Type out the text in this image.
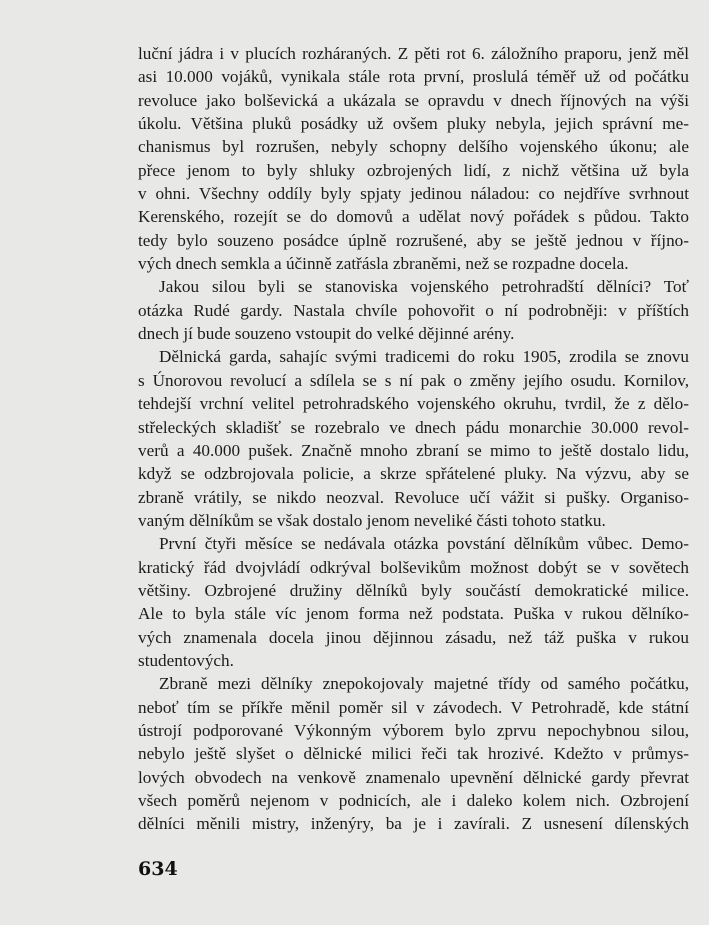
luční jádra i v plucích rozháraných. Z pěti rot 6. záložního praporu, jenž měl
asi 10.000 vojáků, vynikala stále rota první, proslulá téměř už od počátku
revoluce jako bolševická a ukázala se opravdu v dnech říjnových na výši
úkolu. Většina pluků posádky už ovšem pluky nebyla, jejich správní me-
chanismus byl rozrušen, nebyly schopny delšího vojenského úkonu; ale
přece jenom to byly shluky ozbrojených lidí, z nichž většina už byla
v ohni. Všechny oddíly byly spjaty jedinou náladou: co nejdříve svrhnout
Kerenského, rozejít se do domovů a udělat nový pořádek s půdou. Takto
tedy bylo souzeno posádce úplně rozrušené, aby se ještě jednou v říjno-
vých dnech semkla a účinně zatřásla zbraněmi, než se rozpadne docela.
Jakou silou byli se stanoviska vojenského petrohradští dělníci? Toť
otázka Rudé gardy. Nastala chvíle pohovořit o ní podrobněji: v příštích
dnech jí bude souzeno vstoupit do velké dějinné arény.
Dělnická garda, sahajíc svými tradicemi do roku 1905, zrodila se znovu
s Únorovou revolucí a sdílela se s ní pak o změny jejího osudu. Kornilov,
tehdejší vrchní velitel petrohradského vojenského okruhu, tvrdil, že z dělo-
střeleckých skladišť se rozebralo ve dnech pádu monarchie 30.000 revol-
verů a 40.000 pušek. Značně mnoho zbraní se mimo to ještě dostalo lidu,
když se odzbrojovala policie, a skrze spřátelené pluky. Na výzvu, aby se
zbraně vrátily, se nikdo neozval. Revoluce učí vážit si pušky. Organiso-
vaným dělníkům se však dostalo jenom neveliké části tohoto statku.
První čtyři měsíce se nedávala otázka povstání dělníkům vůbec. Demo-
kratický řád dvojvládí odkrýval bolševikům možnost dobýt se v sovětech
většiny. Ozbrojené družiny dělníků byly součástí demokratické milice.
Ale to byla stále víc jenom forma než podstata. Puška v rukou dělníko-
vých znamenala docela jinou dějinnou zásadu, než táž puška v rukou
studentových.
Zbraně mezi dělníky znepokojovaly majetné třídy od samého počátku,
neboť tím se příkře měnil poměr sil v závodech. V Petrohradě, kde státní
ústrojí podporované Výkonným výborem bylo zprvu nepochybnou silou,
nebylo ještě slyšet o dělnické milici řeči tak hrozivé. Kdežto v průmys-
lových obvodech na venkově znamenalo upevnění dělnické gardy převrat
všech poměrů nejenom v podnicích, ale i daleko kolem nich. Ozbrojení
dělníci měnili mistry, inženýry, ba je i zavírali. Z usnesení dílenských
634
